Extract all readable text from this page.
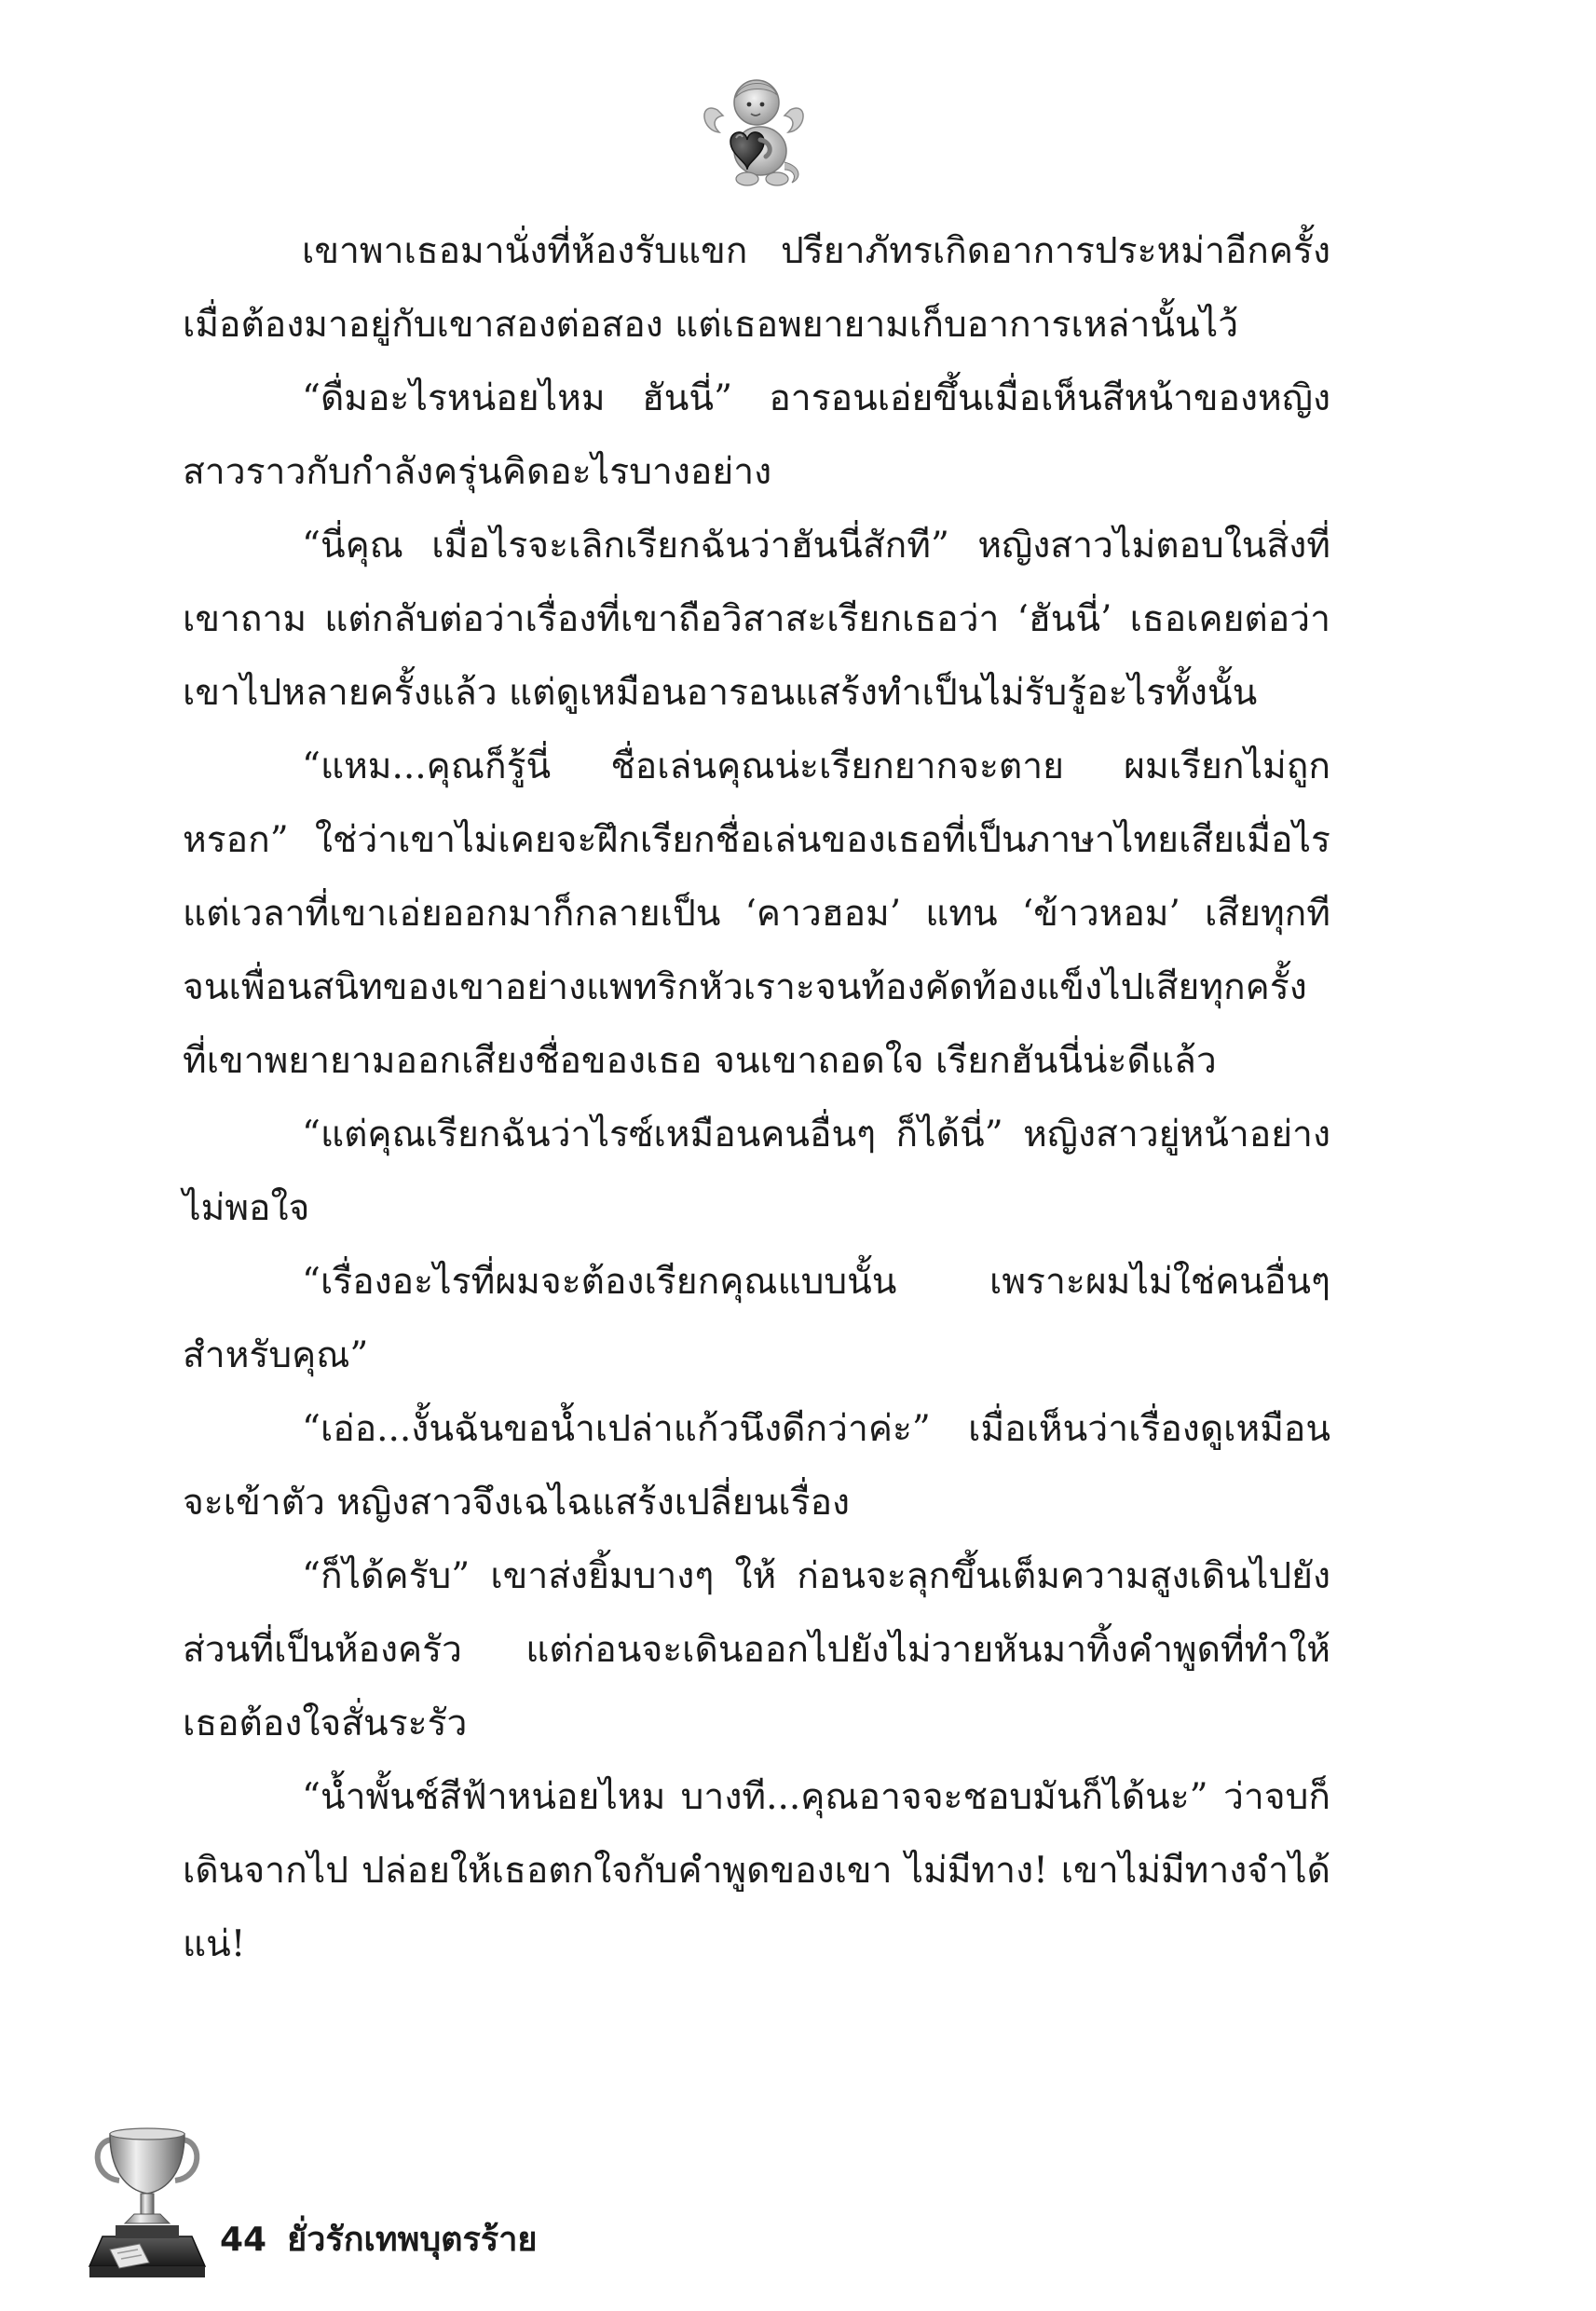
เขาพาเธอมานั่งที่ห้องรับแขก ปรียาภัทรเกิดอาการประหม่าอีกครั้ง เมื่อต้องมาอยู่กับเขาสองต่อสอง แต่เธอพยายามเก็บอาการเหล่านั้นไว้

“ดื่มอะไรหน่อยไหม ฮันนี่” อารอนเอ่ยขึ้นเมื่อเห็นสีหน้าของหญิงสาวราวกับกำลังครุ่นคิดอะไรบางอย่าง

“นี่คุณ เมื่อไรจะเลิกเรียกฉันว่าฮันนี่สักที” หญิงสาวไม่ตอบในสิ่งที่เขาถาม แต่กลับต่อว่าเรื่องที่เขาถือวิสาสะเรียกเธอว่า ‘ฮันนี่’ เธอเคยต่อว่าเขาไปหลายครั้งแล้ว แต่ดูเหมือนอารอนแสร้งทำเป็นไม่รับรู้อะไรทั้งนั้น

“แหม...คุณก็รู้นี่ ชื่อเล่นคุณน่ะเรียกยากจะตาย ผมเรียกไม่ถูกหรอก” ใช่ว่าเขาไม่เคยจะฝึกเรียกชื่อเล่นของเธอที่เป็นภาษาไทยเสียเมื่อไร แต่เวลาที่เขาเอ่ยออกมาก็กลายเป็น ‘คาวฮอม’ แทน ‘ข้าวหอม’ เสียทุกที จนเพื่อนสนิทของเขาอย่างแพทริกหัวเราะจนท้องคัดท้องแข็งไปเสียทุกครั้งที่เขาพยายามออกเสียงชื่อของเธอ จนเขาถอดใจ เรียกฮันนี่น่ะดีแล้ว

“แต่คุณเรียกฉันว่าไรซ์เหมือนคนอื่นๆ ก็ได้นี่” หญิงสาวยู่หน้าอย่างไม่พอใจ

“เรื่องอะไรที่ผมจะต้องเรียกคุณแบบนั้น เพราะผมไม่ใช่คนอื่นๆ สำหรับคุณ”

“เอ่อ...งั้นฉันขอน้ำเปล่าแก้วนึงดีกว่าค่ะ” เมื่อเห็นว่าเรื่องดูเหมือนจะเข้าตัว หญิงสาวจึงเฉไฉแสร้งเปลี่ยนเรื่อง

“ก็ได้ครับ” เขาส่งยิ้มบางๆ ให้ ก่อนจะลุกขึ้นเต็มความสูงเดินไปยังส่วนที่เป็นห้องครัว แต่ก่อนจะเดินออกไปยังไม่วายหันมาทิ้งคำพูดที่ทำให้เธอต้องใจสั่นระรัว

“น้ำพั้นช์สีฟ้าหน่อยไหม บางที...คุณอาจจะชอบมันก็ได้นะ” ว่าจบก็เดินจากไป ปล่อยให้เธอตกใจกับคำพูดของเขา ไม่มีทาง! เขาไม่มีทางจำได้แน่!

44 ยั่วรักเทพบุตรร้าย
